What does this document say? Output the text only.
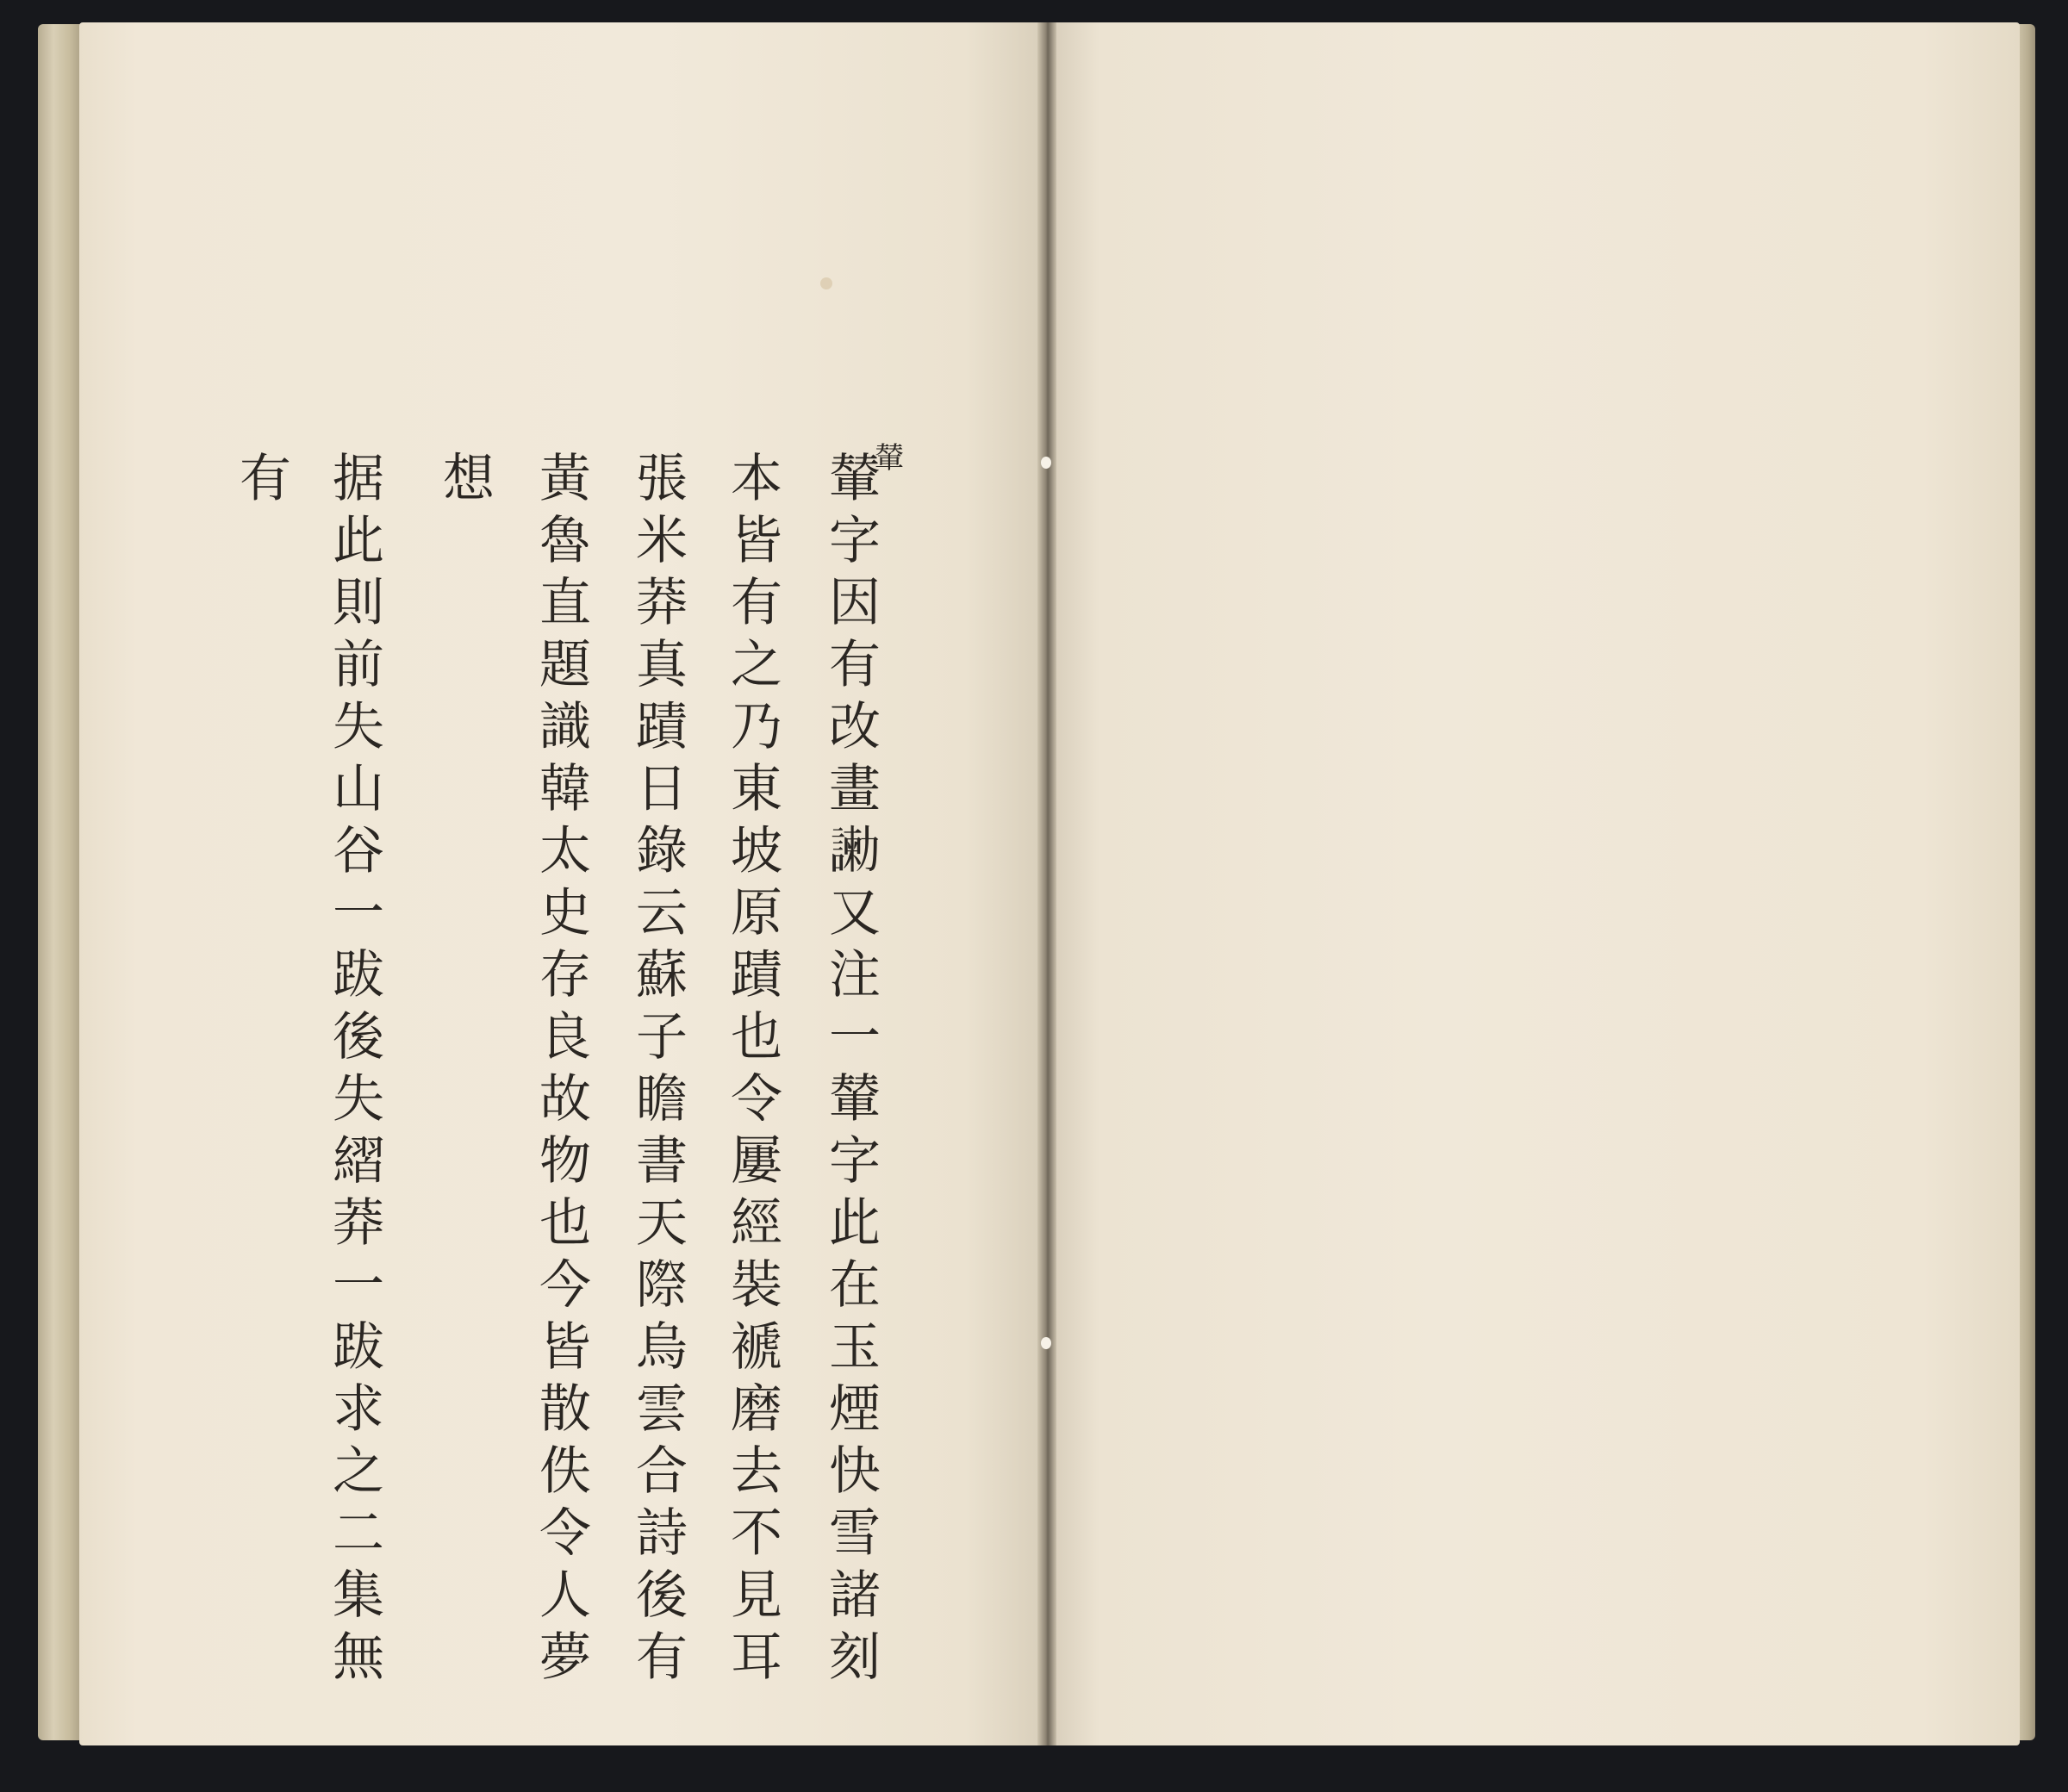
輦
輦
字
因
有
改
畫
𠣂
又
注
一
輦
字
此
在
玉
煙
快
雪
諸
刻
本
皆
有
之
乃
東
坡
原
蹟
也
令
屢
經
裝
褫
磨
去
不
見
耳
張
米
莽
真
蹟
日
錄
云
蘇
子
瞻
書
天
際
烏
雲
合
詩
後
有
黃
魯
直
題
識
韓
太
史
存
良
故
物
也
今
皆
散
佚
令
人
夢
想
据
此
則
前
失
山
谷
一
跋
後
失
䌌
莽
一
跋
求
之
二
集
無
有
